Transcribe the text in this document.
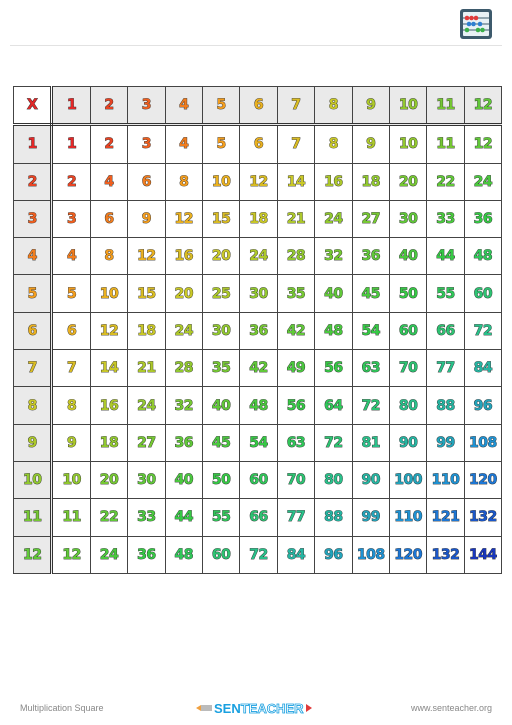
X	1	2	3	4	5	6	7	8	9	10	11	12
1	1	2	3	4	5	6	7	8	9	10	11	12
2	2	4	6	8	10	12	14	16	18	20	22	24
3	3	6	9	12	15	18	21	24	27	30	33	36
4	4	8	12	16	20	24	28	32	36	40	44	48
5	5	10	15	20	25	30	35	40	45	50	55	60
6	6	12	18	24	30	36	42	48	54	60	66	72
7	7	14	21	28	35	42	49	56	63	70	77	84
8	8	16	24	32	40	48	56	64	72	80	88	96
9	9	18	27	36	45	54	63	72	81	90	99	108
10	10	20	30	40	50	60	70	80	90	100	110	120
11	11	22	33	44	55	66	77	88	99	110	121	132
12	12	24	36	48	60	72	84	96	108	120	132	144
Multiplication Square	SEN TEACHER	www.senteacher.org
